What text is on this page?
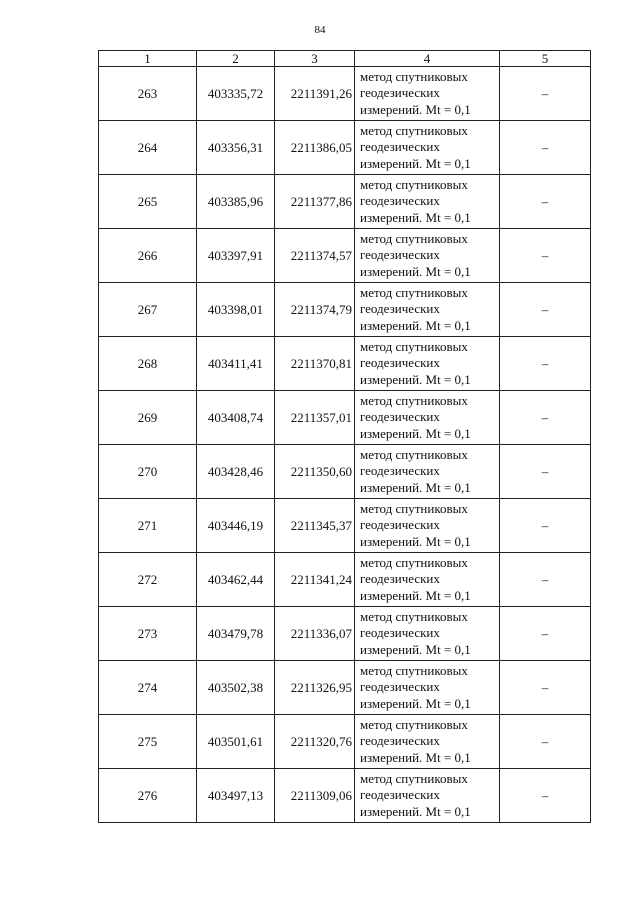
84
1	2	3	4	5
263	403335,72	2211391,26	метод спутниковых
геодезических
измерений. Mt = 0,1	–
264	403356,31	2211386,05	метод спутниковых
геодезических
измерений. Mt = 0,1	–
265	403385,96	2211377,86	метод спутниковых
геодезических
измерений. Mt = 0,1	–
266	403397,91	2211374,57	метод спутниковых
геодезических
измерений. Mt = 0,1	–
267	403398,01	2211374,79	метод спутниковых
геодезических
измерений. Mt = 0,1	–
268	403411,41	2211370,81	метод спутниковых
геодезических
измерений. Mt = 0,1	–
269	403408,74	2211357,01	метод спутниковых
геодезических
измерений. Mt = 0,1	–
270	403428,46	2211350,60	метод спутниковых
геодезических
измерений. Mt = 0,1	–
271	403446,19	2211345,37	метод спутниковых
геодезических
измерений. Mt = 0,1	–
272	403462,44	2211341,24	метод спутниковых
геодезических
измерений. Mt = 0,1	–
273	403479,78	2211336,07	метод спутниковых
геодезических
измерений. Mt = 0,1	–
274	403502,38	2211326,95	метод спутниковых
геодезических
измерений. Mt = 0,1	–
275	403501,61	2211320,76	метод спутниковых
геодезических
измерений. Mt = 0,1	–
276	403497,13	2211309,06	метод спутниковых
геодезических
измерений. Mt = 0,1	–
